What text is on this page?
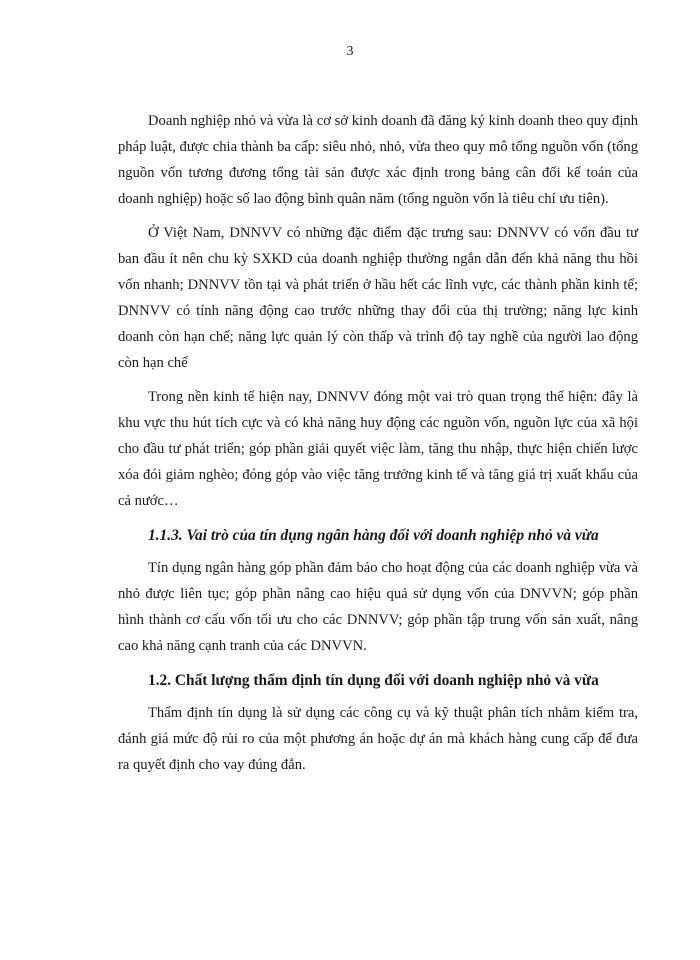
3

Doanh nghiệp nhỏ và vừa là cơ sở kinh doanh đã đăng ký kinh doanh theo quy định pháp luật, được chia thành ba cấp: siêu nhỏ, nhỏ, vừa theo quy mô tổng nguồn vốn (tổng nguồn vốn tương đương tổng tài sản được xác định trong bảng cân đối kế toán của doanh nghiệp) hoặc số lao động bình quân năm (tổng nguồn vốn là tiêu chí ưu tiên).

Ở Việt Nam, DNNVV có những đặc điểm đặc trưng sau: DNNVV có vốn đầu tư ban đầu ít nên chu kỳ SXKD của doanh nghiệp thường ngắn dẫn đến khả năng thu hồi vốn nhanh; DNNVV tồn tại và phát triển ở hầu hết các lĩnh vực, các thành phần kinh tế; DNNVV có tính năng động cao trước những thay đổi của thị trường; năng lực kinh doanh còn hạn chế; năng lực quản lý còn thấp và trình độ tay nghề của người lao động còn hạn chế

Trong nền kinh tế hiện nay, DNNVV đóng một vai trò quan trọng thể hiện: đây là khu vực thu hút tích cực và có khả năng huy động các nguồn vốn, nguồn lực của xã hội cho đầu tư phát triển; góp phần giải quyết việc làm, tăng thu nhập, thực hiện chiến lược xóa đói giảm nghèo; đóng góp vào việc tăng trưởng kinh tế và tăng giá trị xuất khẩu của cả nước…

1.1.3. Vai trò của tín dụng ngân hàng đối với doanh nghiệp nhỏ và vừa

Tín dụng ngân hàng góp phần đảm bảo cho hoạt động của các doanh nghiệp vừa và nhỏ được liên tục; góp phần nâng cao hiệu quả sử dụng vốn của DNVVN; góp phần hình thành cơ cấu vốn tối ưu cho các DNNVV; góp phần tập trung vốn sản xuất, nâng cao khả năng cạnh tranh của các DNVVN.

1.2. Chất lượng thẩm định tín dụng đối với doanh nghiệp nhỏ và vừa

Thẩm định tín dụng là sử dụng các công cụ và kỹ thuật phân tích nhằm kiểm tra, đánh giá mức độ rủi ro của một phương án hoặc dự án mà khách hàng cung cấp để đưa ra quyết định cho vay đúng đắn.
